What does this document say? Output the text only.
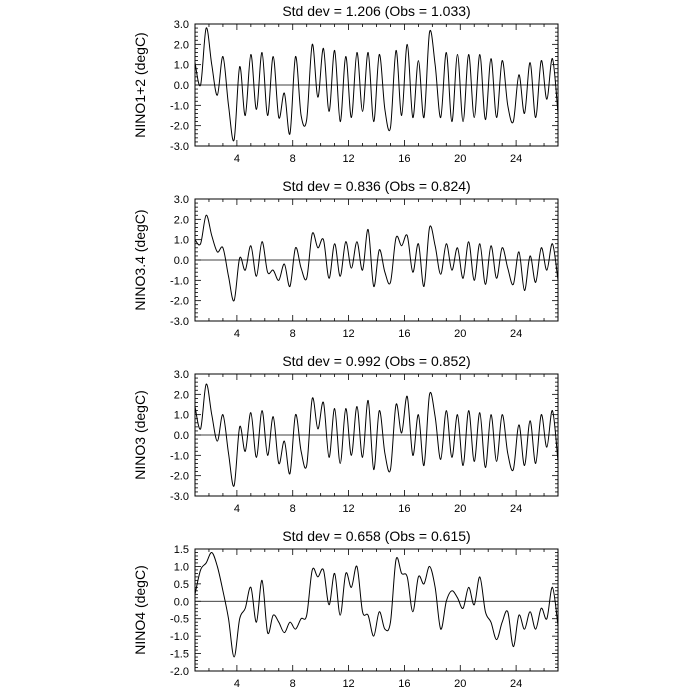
Std dev = 1.206 (Obs = 1.033)
NINO1+2 (degC)
-3.0
-2.0
-1.0
0.0
1.0
2.0
3.0
4	8	12	16	20	24
Std dev = 0.836 (Obs = 0.824)
NINO3.4 (degC)
-3.0
-2.0
-1.0
0.0
1.0
2.0
3.0
4	8	12	16	20	24
Std dev = 0.992 (Obs = 0.852)
NINO3 (degC)
-3.0
-2.0
-1.0
0.0
1.0
2.0
3.0
4	8	12	16	20	24
Std dev = 0.658 (Obs = 0.615)
NINO4 (degC)
-2.0
-1.5
-1.0
-0.5
0.0
0.5
1.0
1.5
4	8	12	16	20	24
